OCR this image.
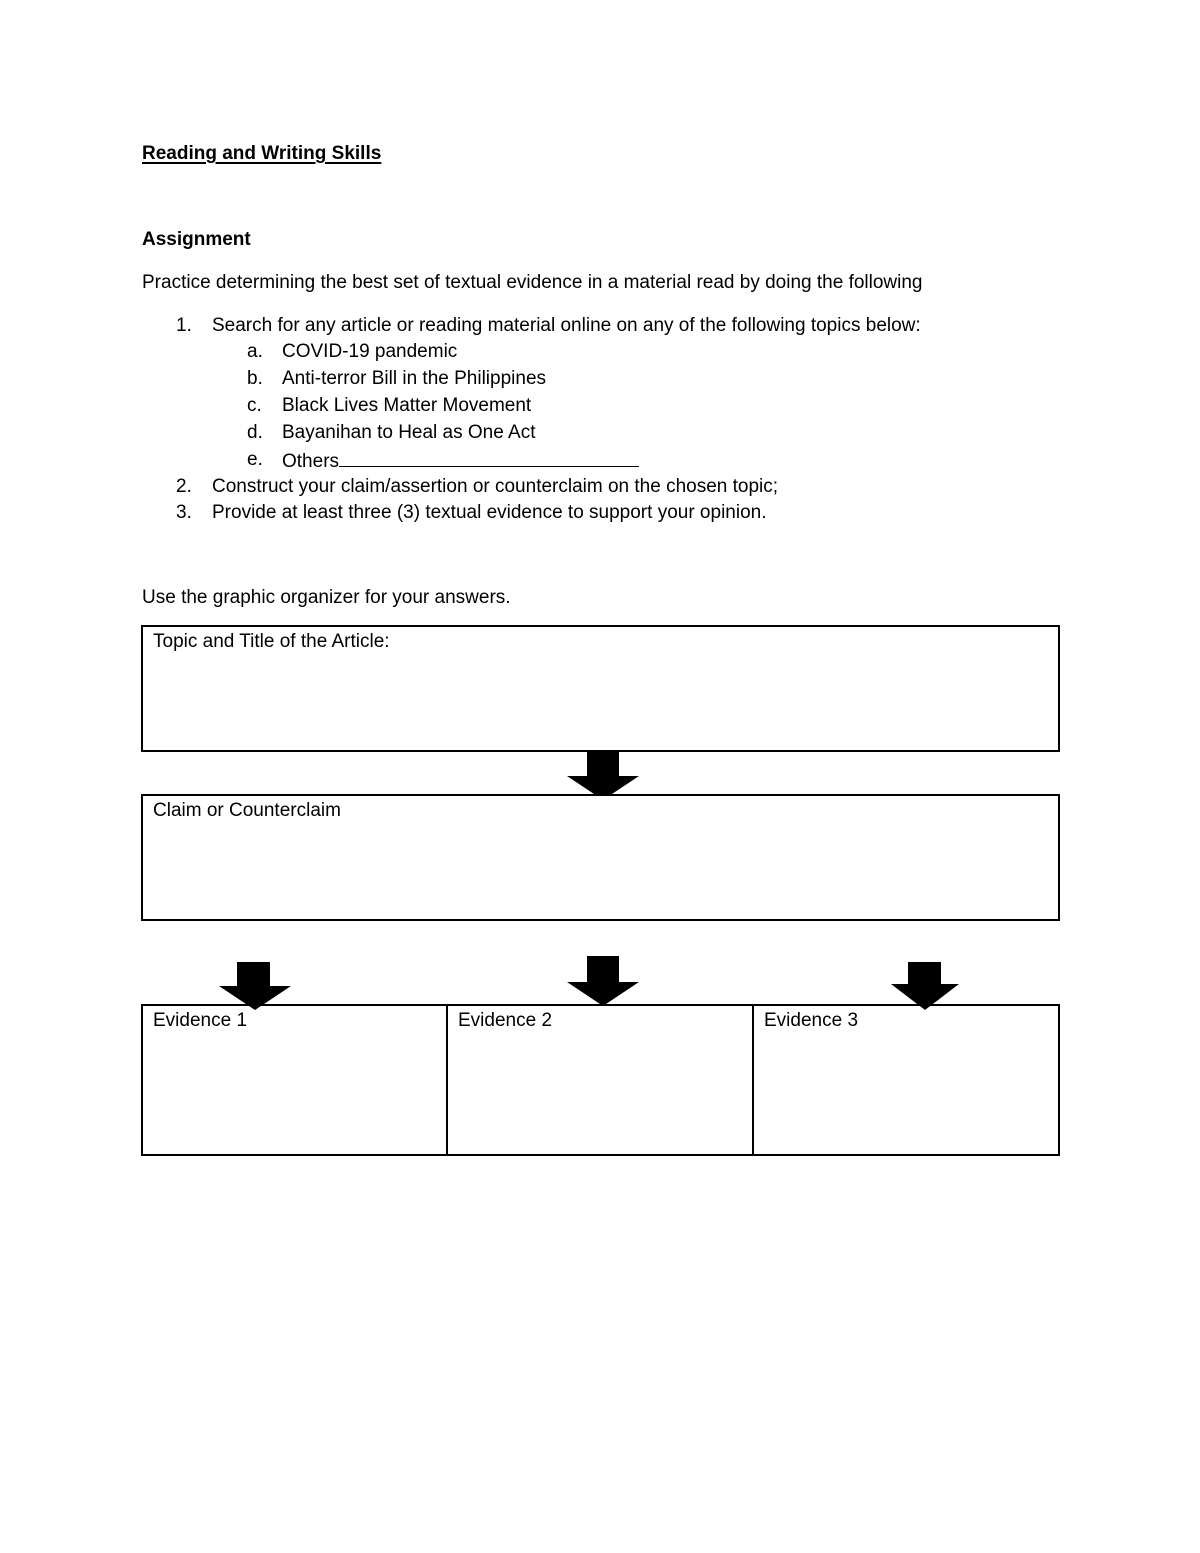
Reading and Writing Skills
Assignment
Practice determining the best set of textual evidence in a material read by doing the following
1. Search for any article or reading material online on any of the following topics below:
a. COVID-19 pandemic
b. Anti-terror Bill in the Philippines
c. Black Lives Matter Movement
d. Bayanihan to Heal as One Act
e. Others
2. Construct your claim/assertion or counterclaim on the chosen topic;
3. Provide at least three (3) textual evidence to support your opinion.
Use the graphic organizer for your answers.
Topic and Title of the Article:
Claim or Counterclaim
Evidence 1	Evidence 2	Evidence 3
